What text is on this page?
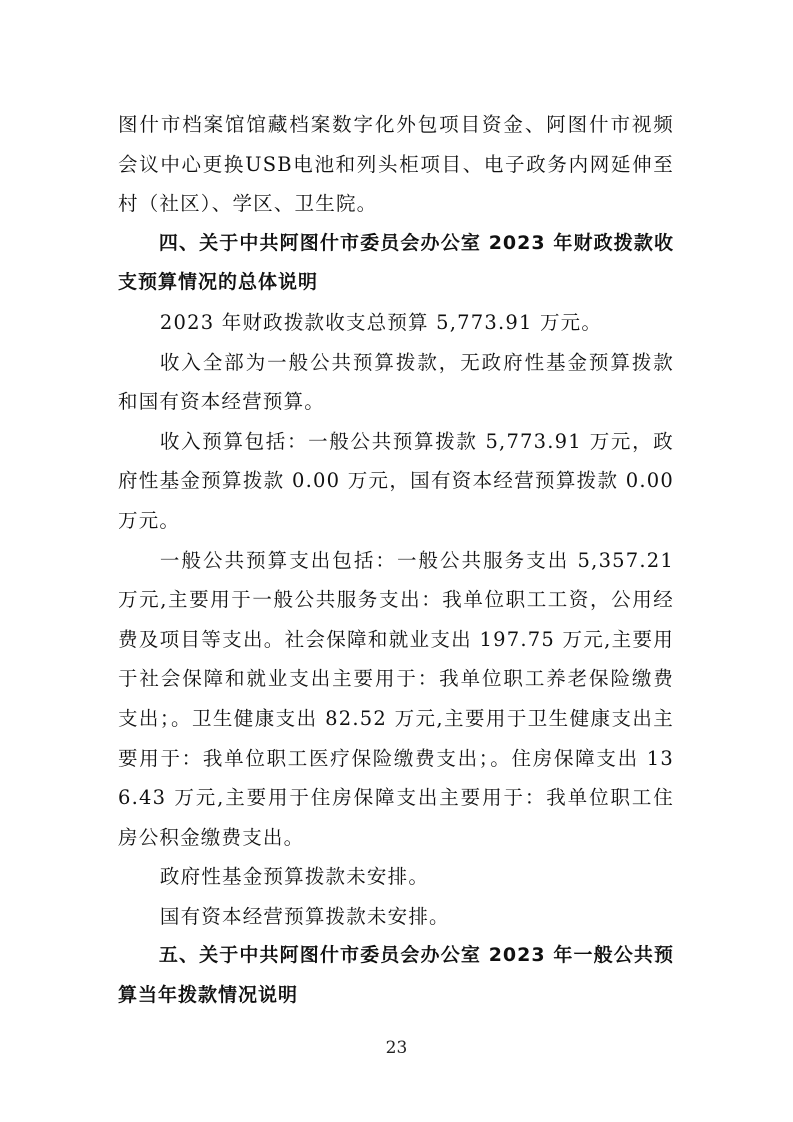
图什市档案馆馆藏档案数字化外包项目资金、阿图什市视频会议中心更换USB电池和列头柜项目、电子政务内网延伸至村（社区）、学区、卫生院。

四、关于中共阿图什市委员会办公室 2023 年财政拨款收支预算情况的总体说明

2023 年财政拨款收支总预算 5,773.91 万元。

收入全部为一般公共预算拨款，无政府性基金预算拨款和国有资本经营预算。

收入预算包括：一般公共预算拨款 5,773.91 万元，政府性基金预算拨款 0.00 万元，国有资本经营预算拨款 0.00 万元。

一般公共预算支出包括：一般公共服务支出 5,357.21 万元,主要用于一般公共服务支出：我单位职工工资，公用经费及项目等支出。社会保障和就业支出 197.75 万元,主要用于社会保障和就业支出主要用于：我单位职工养老保险缴费支出；。卫生健康支出 82.52 万元,主要用于卫生健康支出主要用于：我单位职工医疗保险缴费支出；。住房保障支出 136.43 万元,主要用于住房保障支出主要用于：我单位职工住房公积金缴费支出。

政府性基金预算拨款未安排。

国有资本经营预算拨款未安排。

五、关于中共阿图什市委员会办公室 2023 年一般公共预算当年拨款情况说明

23
